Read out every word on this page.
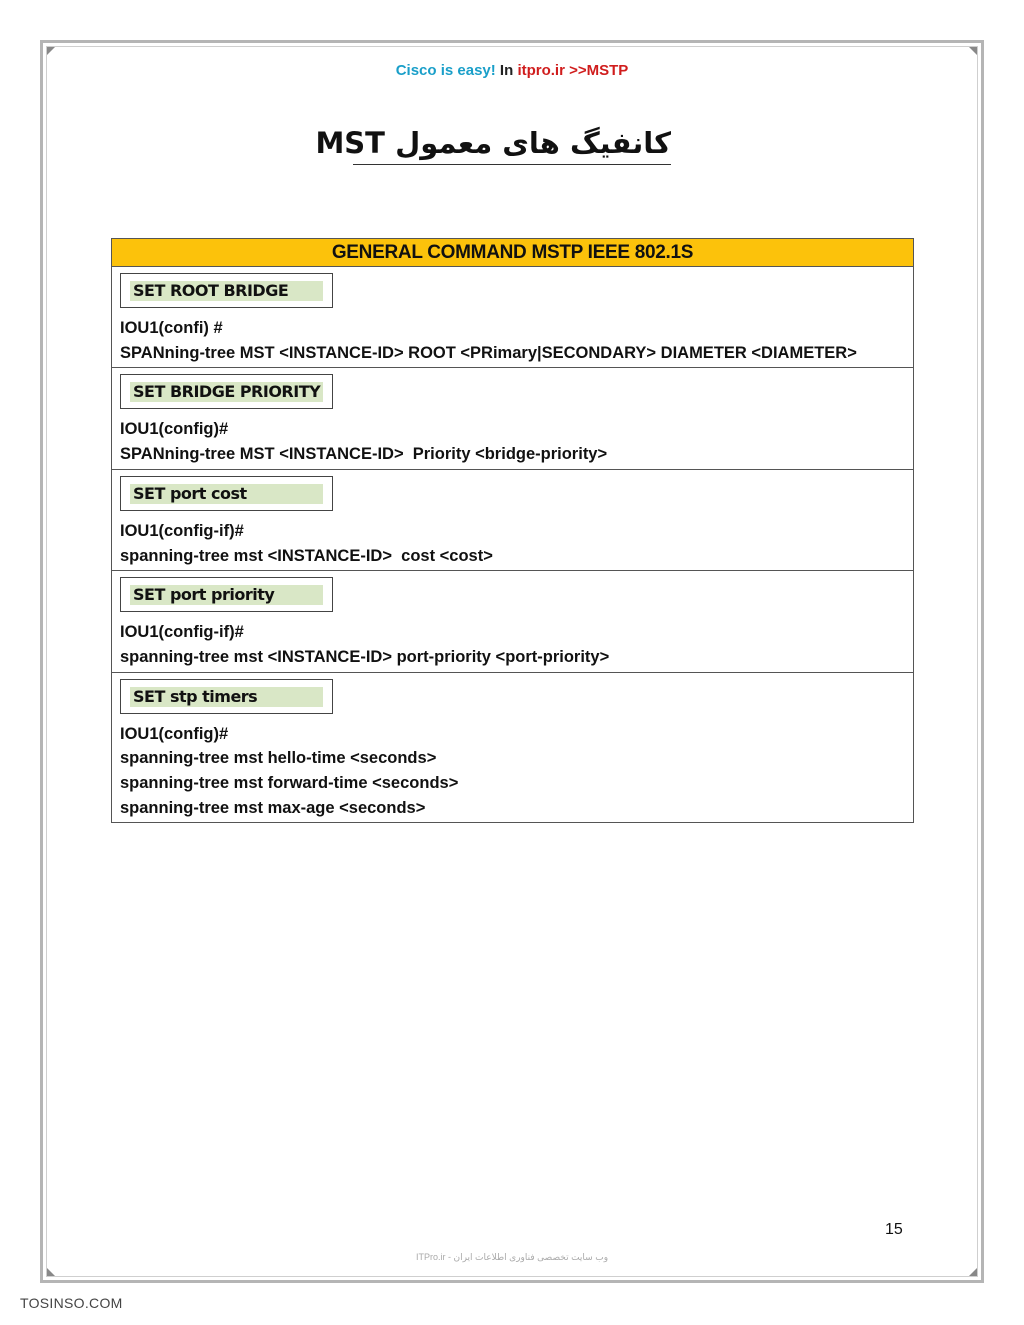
Cisco is easy! In itpro.ir >>MSTP
کانفیگ های معمول MST
GENERAL COMMAND MSTP IEEE 802.1S
SET ROOT BRIDGE
IOU1(confi) #
SPANning-tree MST <INSTANCE-ID> ROOT <PRimary|SECONDARY> DIAMETER <DIAMETER>
SET BRIDGE PRIORITY
IOU1(config)#
SPANning-tree MST <INSTANCE-ID>  Priority <bridge-priority>
SET port cost
IOU1(config-if)#
spanning-tree mst <INSTANCE-ID>  cost <cost>
SET port priority
IOU1(config-if)#
spanning-tree mst <INSTANCE-ID> port-priority <port-priority>
SET stp timers
IOU1(config)#
spanning-tree mst hello-time <seconds>
spanning-tree mst forward-time <seconds>
spanning-tree mst max-age <seconds>
15
وب سایت تخصصی فناوری اطلاعات ایران - ITPro.ir
TOSINSO.COM
